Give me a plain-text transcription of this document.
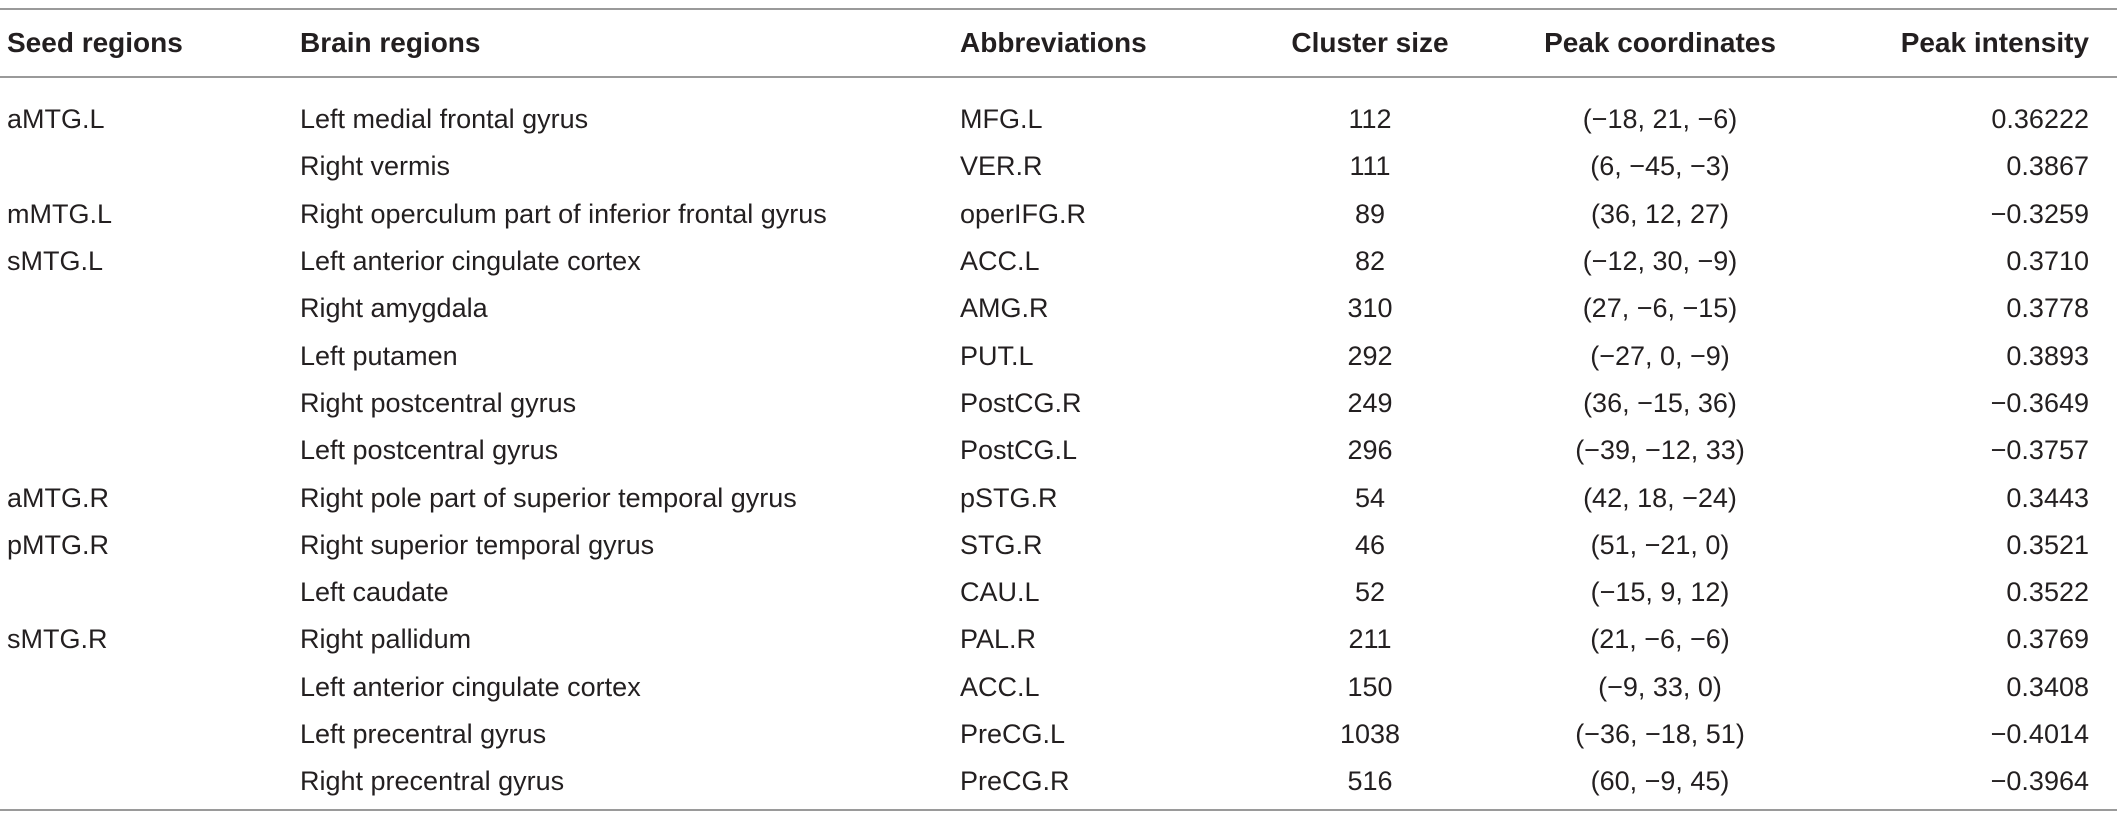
Seed regions	Brain regions	Abbreviations	Cluster size	Peak coordinates	Peak intensity
aMTG.L	Left medial frontal gyrus	MFG.L	112	(−18, 21, −6)	0.36222
	Right vermis	VER.R	111	(6, −45, −3)	0.3867
mMTG.L	Right operculum part of inferior frontal gyrus	operIFG.R	89	(36, 12, 27)	−0.3259
sMTG.L	Left anterior cingulate cortex	ACC.L	82	(−12, 30, −9)	0.3710
	Right amygdala	AMG.R	310	(27, −6, −15)	0.3778
	Left putamen	PUT.L	292	(−27, 0, −9)	0.3893
	Right postcentral gyrus	PostCG.R	249	(36, −15, 36)	−0.3649
	Left postcentral gyrus	PostCG.L	296	(−39, −12, 33)	−0.3757
aMTG.R	Right pole part of superior temporal gyrus	pSTG.R	54	(42, 18, −24)	0.3443
pMTG.R	Right superior temporal gyrus	STG.R	46	(51, −21, 0)	0.3521
	Left caudate	CAU.L	52	(−15, 9, 12)	0.3522
sMTG.R	Right pallidum	PAL.R	211	(21, −6, −6)	0.3769
	Left anterior cingulate cortex	ACC.L	150	(−9, 33, 0)	0.3408
	Left precentral gyrus	PreCG.L	1038	(−36, −18, 51)	−0.4014
	Right precentral gyrus	PreCG.R	516	(60, −9, 45)	−0.3964
